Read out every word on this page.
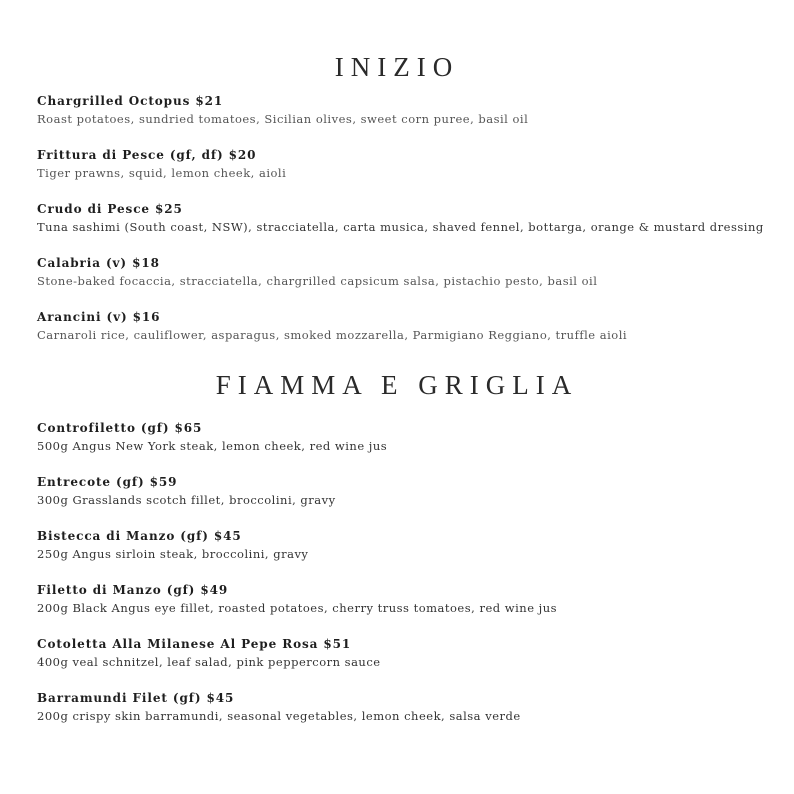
INIZIO
Chargrilled Octopus $21
Roast potatoes, sundried tomatoes, Sicilian olives, sweet corn puree, basil oil
Frittura di Pesce (gf, df) $20
Tiger prawns, squid, lemon cheek, aioli
Crudo di Pesce $25
Tuna sashimi (South coast, NSW), stracciatella, carta musica, shaved fennel, bottarga, orange & mustard dressing
Calabria (v) $18
Stone-baked focaccia, stracciatella, chargrilled capsicum salsa, pistachio pesto, basil oil
Arancini (v) $16
Carnaroli rice, cauliflower, asparagus, smoked mozzarella, Parmigiano Reggiano, truffle aioli
FIAMMA E GRIGLIA
Controfiletto (gf) $65
500g Angus New York steak, lemon cheek, red wine jus
Entrecote (gf) $59
300g Grasslands scotch fillet, broccolini, gravy
Bistecca di Manzo (gf) $45
250g Angus sirloin steak, broccolini, gravy
Filetto di Manzo (gf) $49
200g Black Angus eye fillet, roasted potatoes, cherry truss tomatoes, red wine jus
Cotoletta Alla Milanese Al Pepe Rosa $51
400g veal schnitzel, leaf salad, pink peppercorn sauce
Barramundi Filet (gf) $45
200g crispy skin barramundi, seasonal vegetables, lemon cheek, salsa verde
